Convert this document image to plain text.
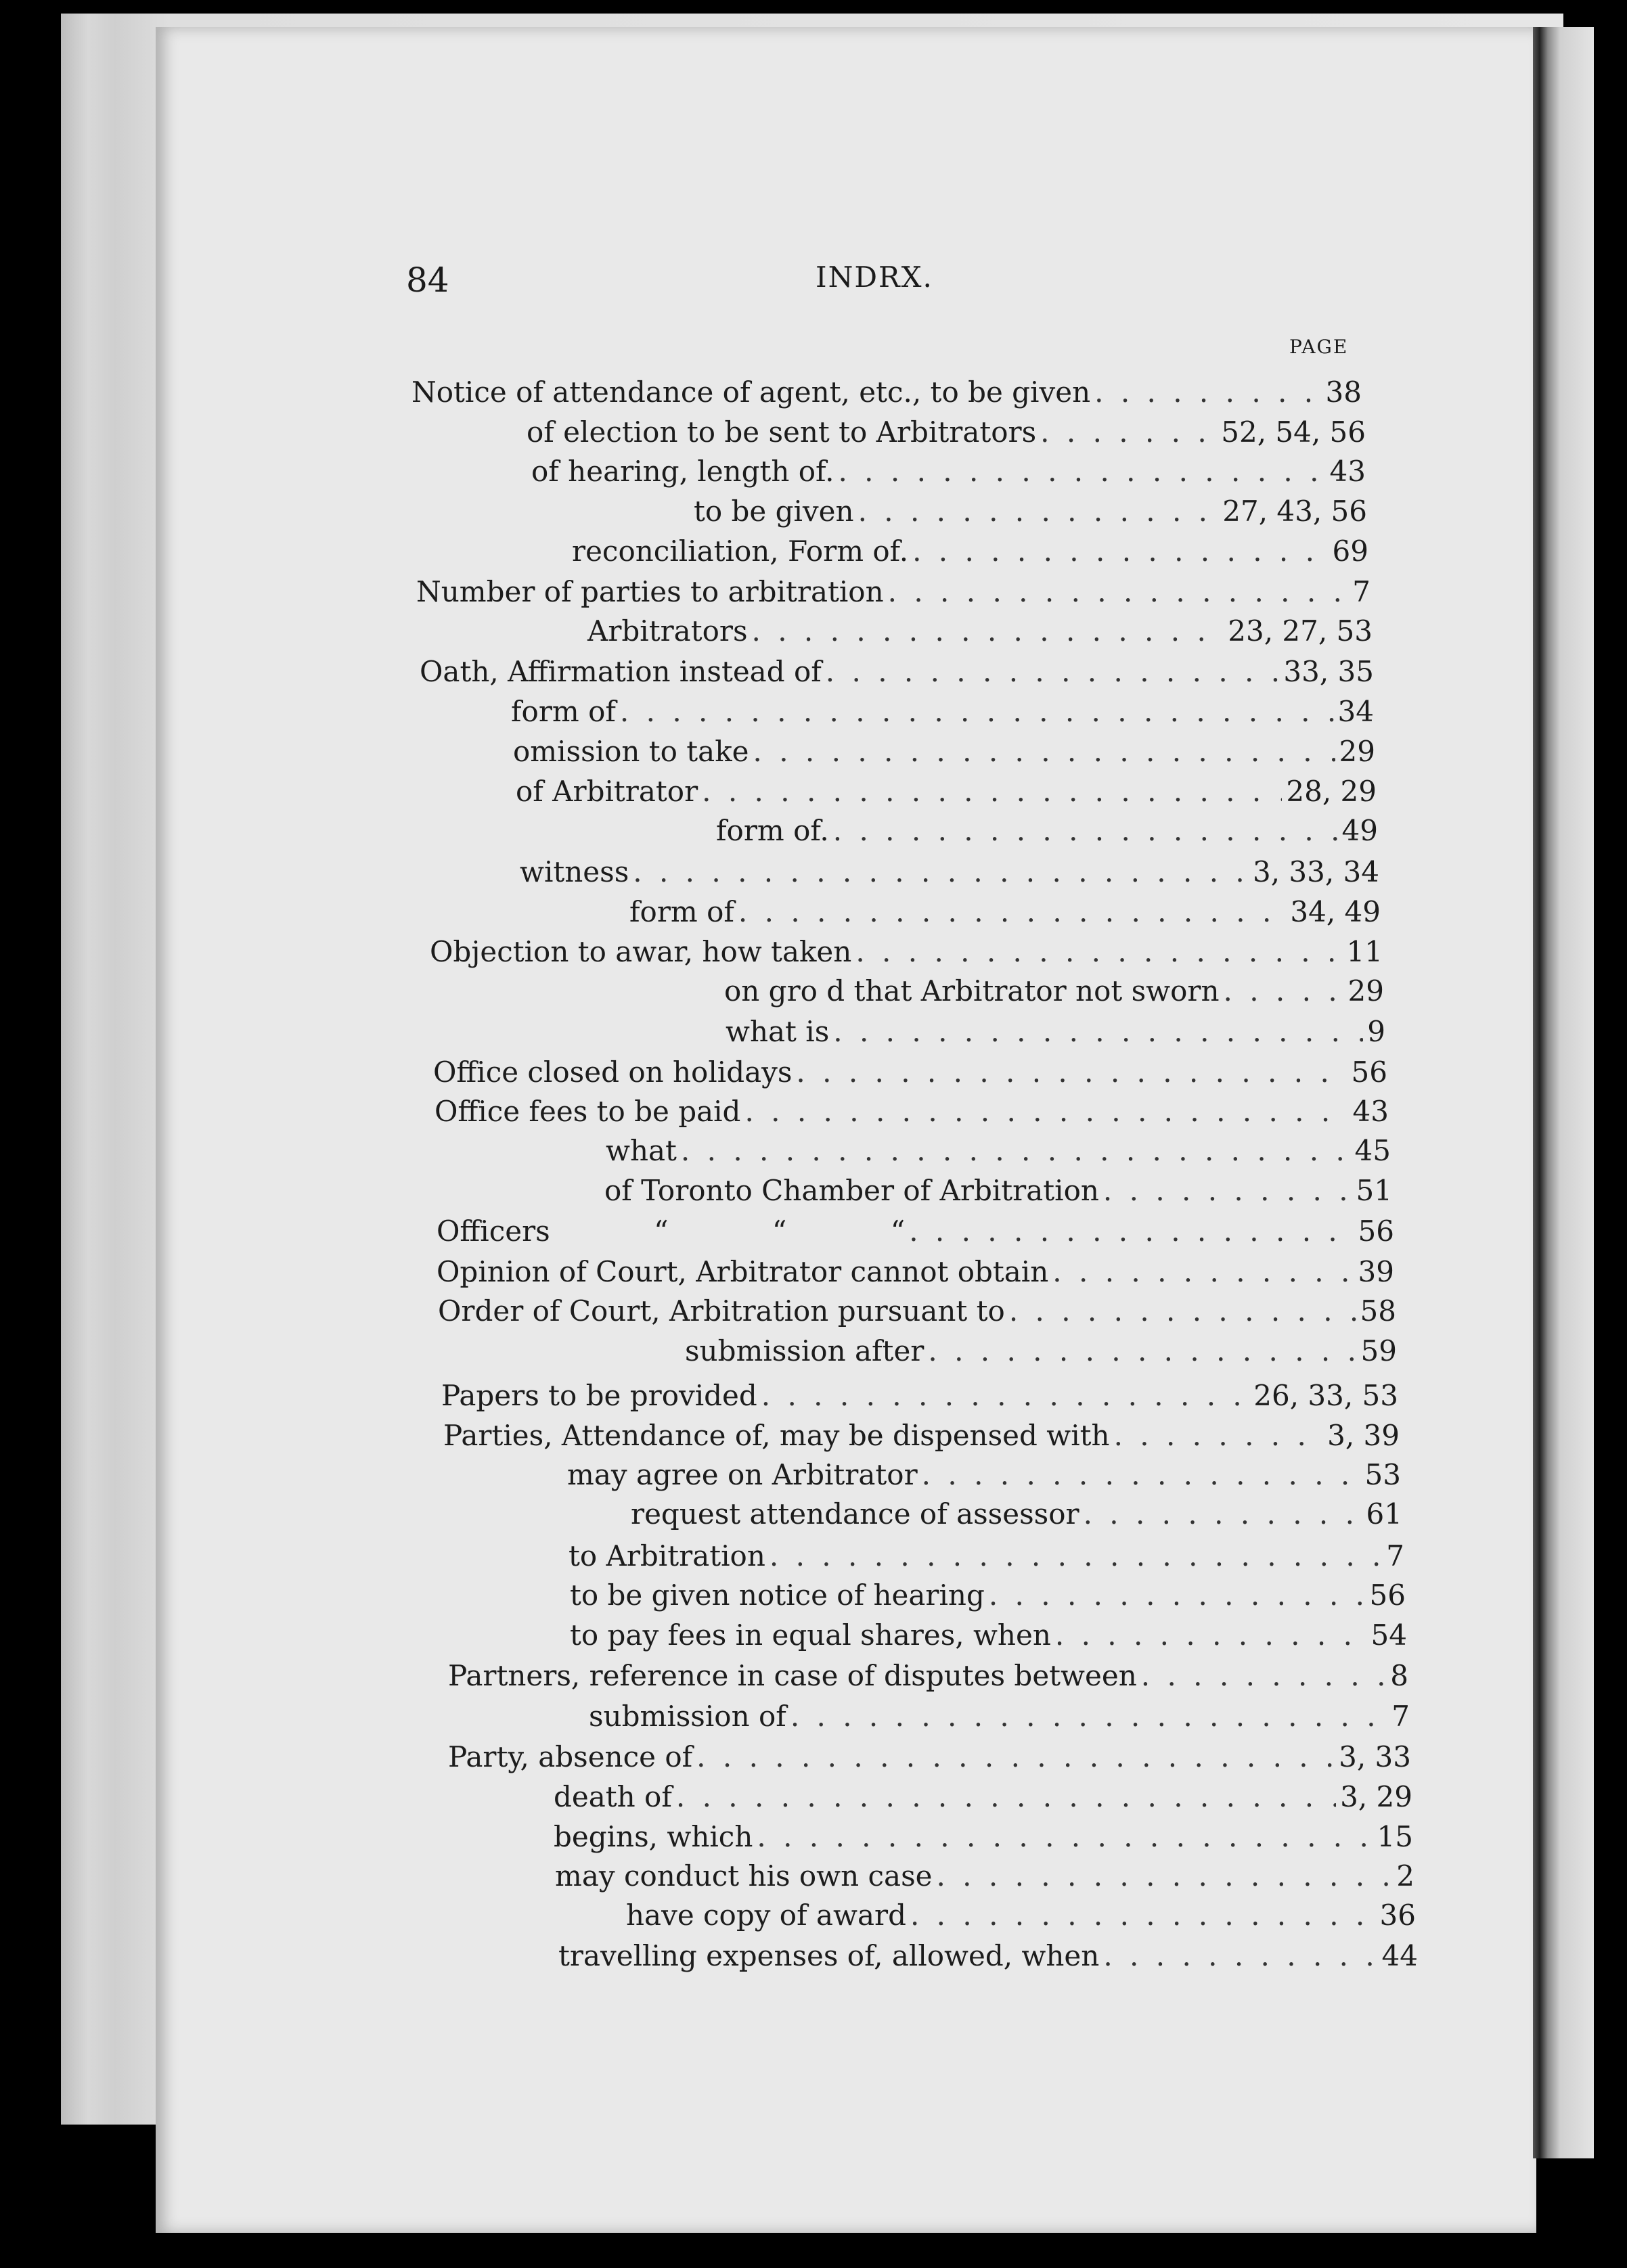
84	INDRX.
PAGE
Notice of attendance of agent, etc., to be given . . .	38
of election to be sent to Arbitrators . . .	52, 54, 56
of hearing, length of. . . .	43
to be given . . .	27, 43, 56
reconciliation, Form of. . . .	69
Number of parties to arbitration . . .	7
Arbitrators . . .	23, 27, 53
Oath, Affirmation instead of . . .	33, 35
form of . . .	34
omission to take . . .	29
of Arbitrator . . .	28, 29
form of. . . .	49
witness . . .	3, 33, 34
form of . . .	34, 49
Objection to awar, how taken . . .	11
on gro d that Arbitrator not sworn . . .	29
what is . . .	9
Office closed on holidays . . .	56
Office fees to be paid . . .	43
what . . .	45
of Toronto Chamber of Arbitration . . .	51
Officers “ “ “ . . .	56
Opinion of Court, Arbitrator cannot obtain . . .	39
Order of Court, Arbitration pursuant to . . .	58
submission after . . .	59
Papers to be provided . . .	26, 33, 53
Parties, Attendance of, may be dispensed with . . .	3, 39
may agree on Arbitrator . . .	53
request attendance of assessor . . .	61
to Arbitration . . .	7
to be given notice of hearing . . .	56
to pay fees in equal shares, when . . .	54
Partners, reference in case of disputes between . . .	8
submission of . . .	7
Party, absence of . . .	3, 33
death of . . .	3, 29
begins, which . . .	15
may conduct his own case . . .	2
have copy of award . . .	36
travelling expenses of, allowed, when . . .	44
